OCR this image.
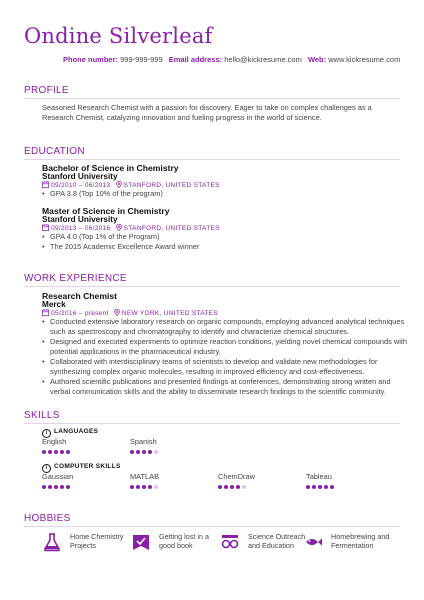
Ondine Silverleaf
Phone number: 999-999-999 Email address: hello@kickresume.com Web: www.kickresume.com
PROFILE
Seasoned Research Chemist with a passion for discovery. Eager to take on complex challenges as a Research Chemist, catalyzing innovation and fueling progress in the world of science.
EDUCATION
Bachelor of Science in Chemistry
Stanford University
09/2010 – 06/2013 STANFORD, UNITED STATES
• GPA 3.8 (Top 10% of the program)
Master of Science in Chemistry
Stanford University
09/2013 – 06/2016 STANFORD, UNITED STATES
• GPA 4.0 (Top 1% of the Program)
• The 2015 Academic Excellence Award winner
WORK EXPERIENCE
Research Chemist
Merck
05/2016 – present NEW YORK, UNITED STATES
• Conducted extensive laboratory research on organic compounds, employing advanced analytical techniques such as spectroscopy and chromatography to identify and characterize chemical structures.
• Designed and executed experiments to optimize reaction conditions, yielding novel chemical compounds with potential applications in the pharmaceutical industry.
• Collaborated with interdisciplinary teams of scientists to develop and validate new methodologies for synthesizing complex organic molecules, resulting in improved efficiency and cost-effectiveness.
• Authored scientific publications and presented findings at conferences, demonstrating strong written and verbal communication skills and the ability to disseminate research findings to the scientific community.
SKILLS
i LANGUAGES
English	Spanish
i COMPUTER SKILLS
Gaussian	MATLAB	ChemDraw	Tableau
HOBBIES
Home Chemistry Projects
Getting lost in a good book
Science Outreach and Education
Homebrewing and Fermentation
